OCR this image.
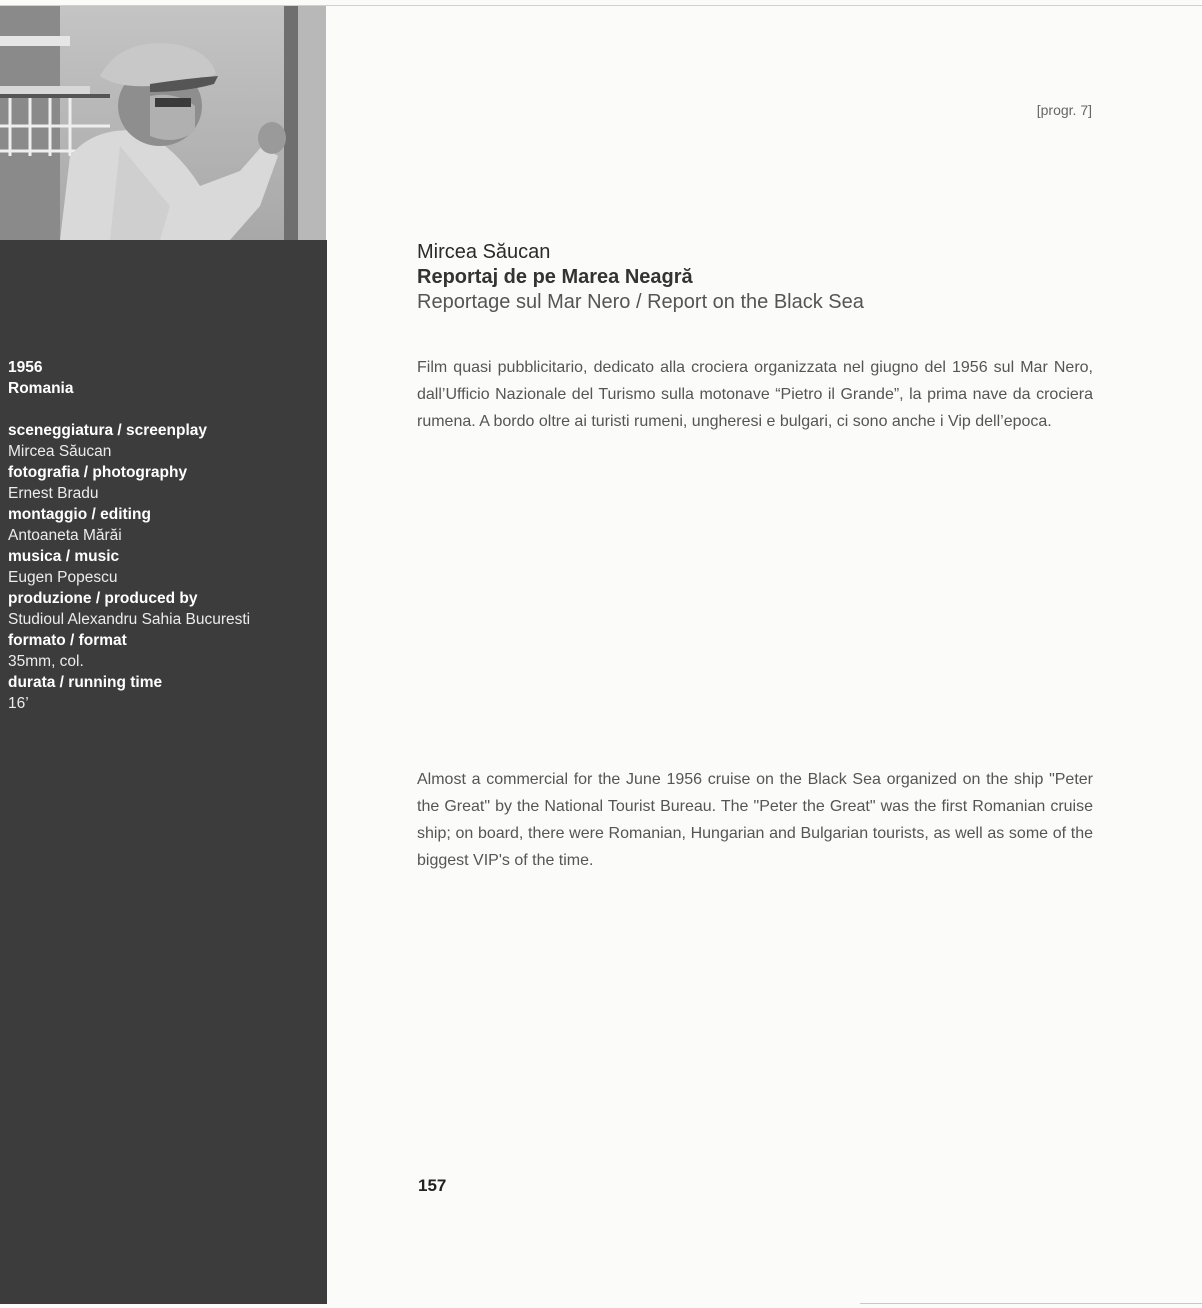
1956
Romania
sceneggiatura / screenplay
Mircea Săucan
fotografia / photography
Ernest Bradu
montaggio / editing
Antoaneta Mărăi
musica / music
Eugen Popescu
produzione / produced by
Studioul Alexandru Sahia Bucuresti
formato / format
35mm, col.
durata / running time
16’
[progr. 7]
Mircea Săucan
Reportaj de pe Marea Neagră
Reportage sul Mar Nero / Report on the Black Sea
Film quasi pubblicitario, dedicato alla crociera organizzata nel giugno del 1956 sul Mar Nero, dall’Ufficio Nazionale del Turismo sulla motonave “Pietro il Grande”, la prima nave da crociera rumena. A bordo oltre ai turisti rumeni, ungheresi e bulgari, ci sono anche i Vip dell’epoca.
Almost a commercial for the June 1956 cruise on the Black Sea organized on the ship "Peter the Great" by the National Tourist Bureau. The "Peter the Great" was the first Romanian cruise ship; on board, there were Romanian, Hungarian and Bulgarian tourists, as well as some of the biggest VIP's of the time.
157
